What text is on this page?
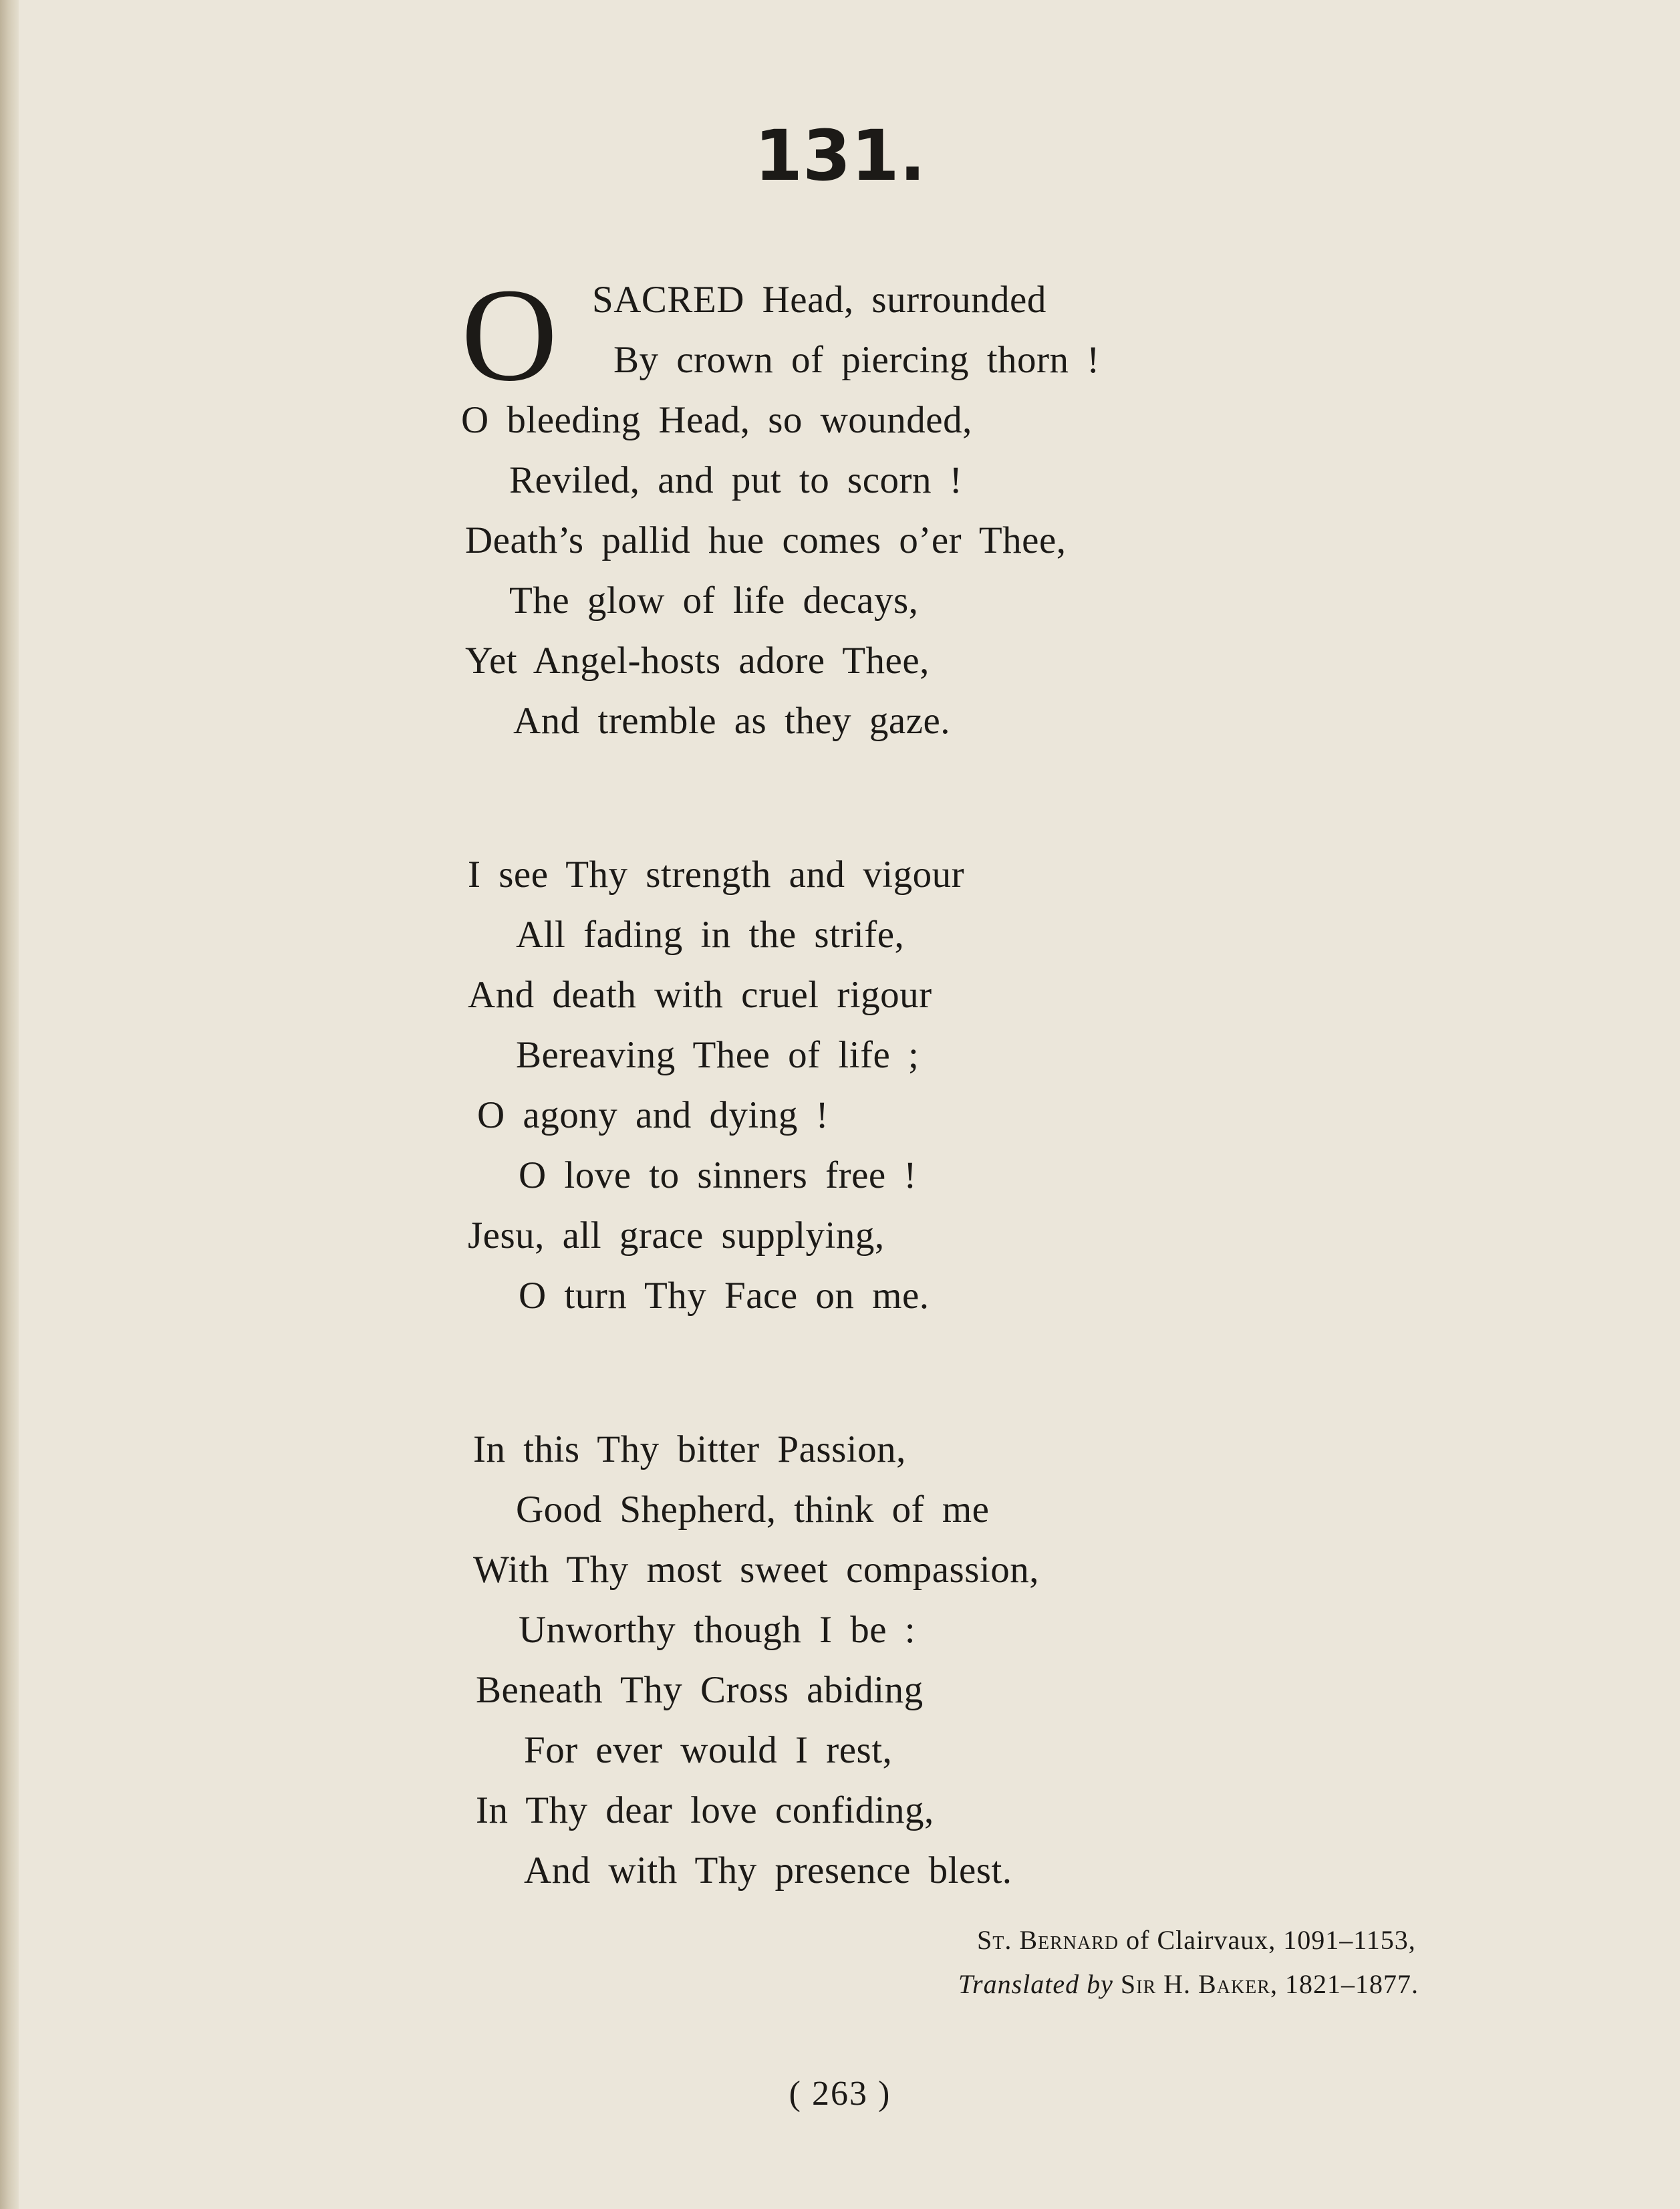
131.
O SACRED Head, surrounded
By crown of piercing thorn !
O bleeding Head, so wounded,
Reviled, and put to scorn !
Death’s pallid hue comes o’er Thee,
The glow of life decays,
Yet Angel-hosts adore Thee,
And tremble as they gaze.
I see Thy strength and vigour
All fading in the strife,
And death with cruel rigour
Bereaving Thee of life ;
O agony and dying !
O love to sinners free !
Jesu, all grace supplying,
O turn Thy Face on me.
In this Thy bitter Passion,
Good Shepherd, think of me
With Thy most sweet compassion,
Unworthy though I be :
Beneath Thy Cross abiding
For ever would I rest,
In Thy dear love confiding,
And with Thy presence blest.
St. Bernard of Clairvaux, 1091–1153,
Translated by Sir H. Baker, 1821–1877.
( 263 )
